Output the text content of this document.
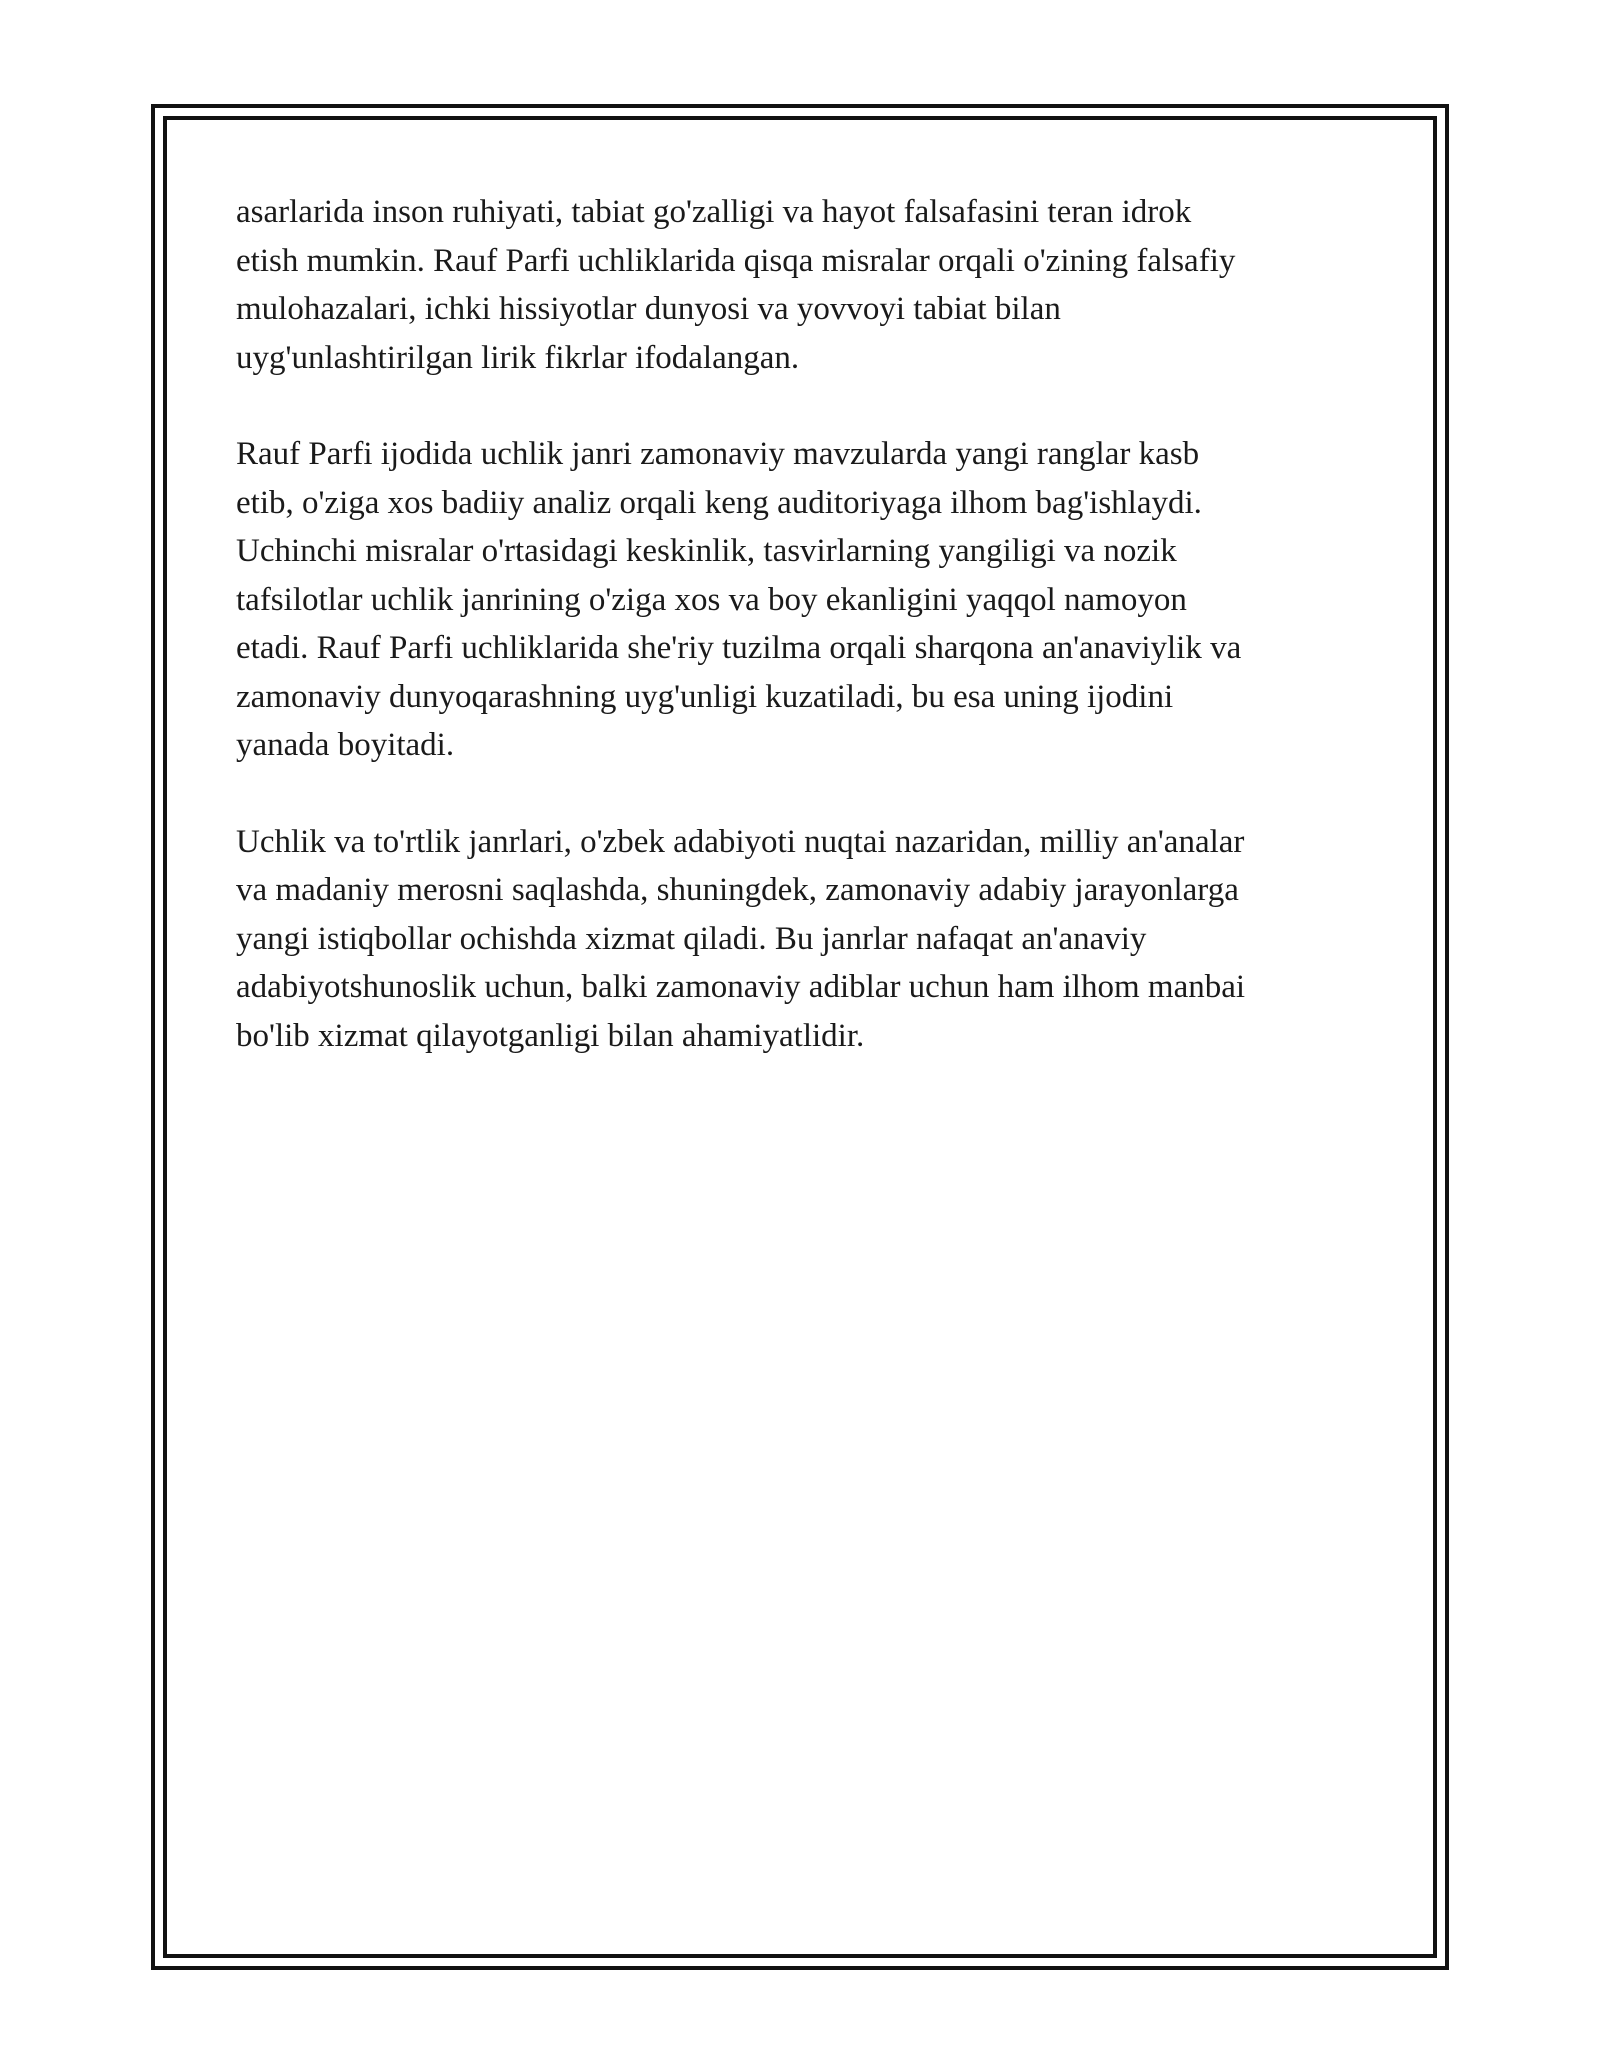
asarlarida inson ruhiyati, tabiat go'zalligi va hayot falsafasini teran idrok
etish mumkin. Rauf Parfi uchliklarida qisqa misralar orqali o'zining falsafiy
mulohazalari, ichki hissiyotlar dunyosi va yovvoyi tabiat bilan
uyg'unlashtirilgan lirik fikrlar ifodalangan.

Rauf Parfi ijodida uchlik janri zamonaviy mavzularda yangi ranglar kasb
etib, o'ziga xos badiiy analiz orqali keng auditoriyaga ilhom bag'ishlaydi.
Uchinchi misralar o'rtasidagi keskinlik, tasvirlarning yangiligi va nozik
tafsilotlar uchlik janrining o'ziga xos va boy ekanligini yaqqol namoyon
etadi. Rauf Parfi uchliklarida she'riy tuzilma orqali sharqona an'anaviylik va
zamonaviy dunyoqarashning uyg'unligi kuzatiladi, bu esa uning ijodini
yanada boyitadi.

Uchlik va to'rtlik janrlari, o'zbek adabiyoti nuqtai nazaridan, milliy an'analar
va madaniy merosni saqlashda, shuningdek, zamonaviy adabiy jarayonlarga
yangi istiqbollar ochishda xizmat qiladi. Bu janrlar nafaqat an'anaviy
adabiyotshunoslik uchun, balki zamonaviy adiblar uchun ham ilhom manbai
bo'lib xizmat qilayotganligi bilan ahamiyatlidir.
